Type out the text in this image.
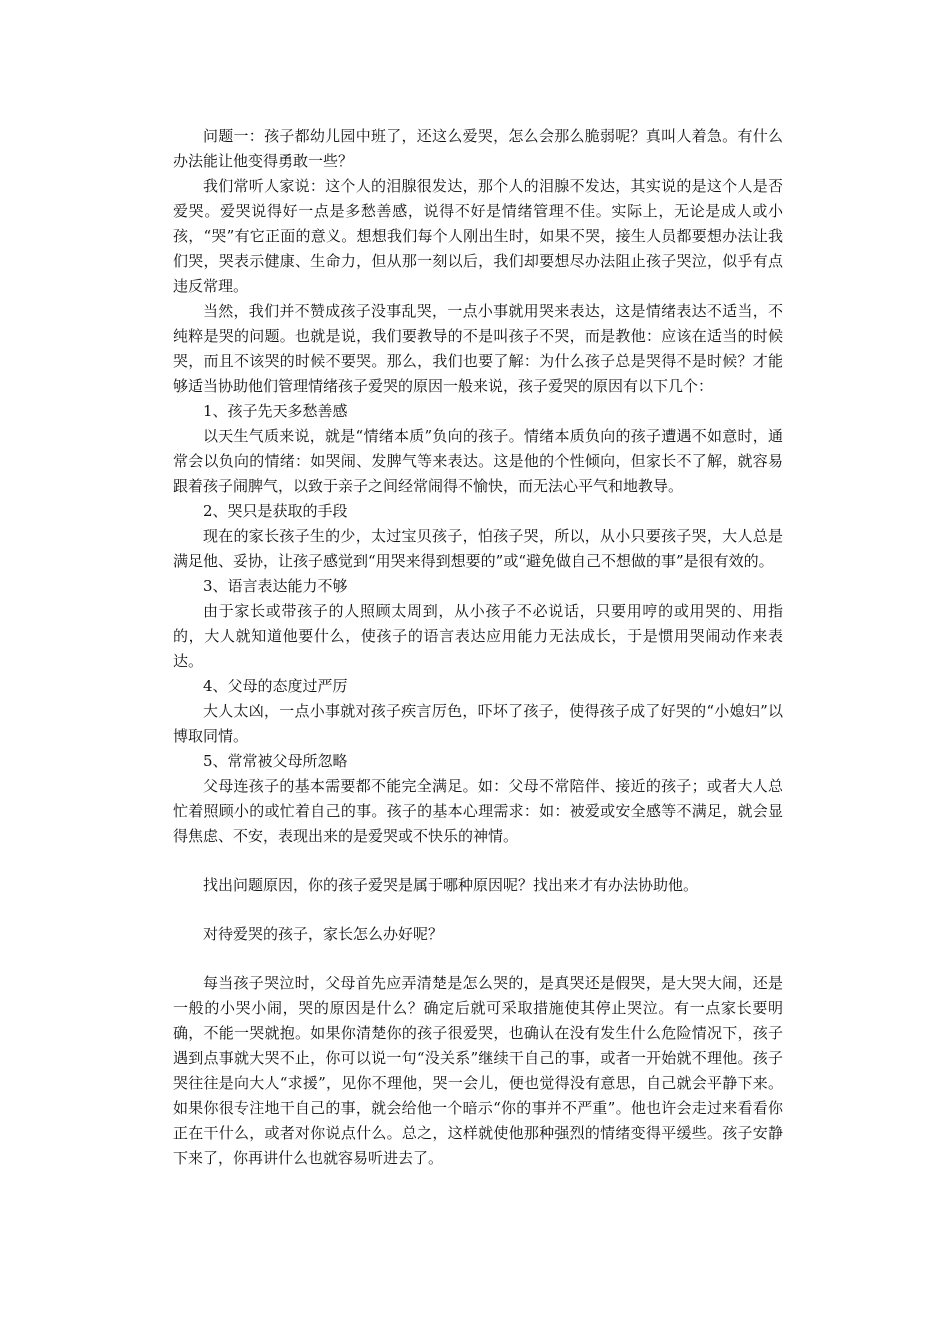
问题一：孩子都幼儿园中班了，还这么爱哭，怎么会那么脆弱呢？真叫人着急。有什么办法能让他变得勇敢一些？

我们常听人家说：这个人的泪腺很发达，那个人的泪腺不发达，其实说的是这个人是否爱哭。爱哭说得好一点是多愁善感，说得不好是情绪管理不佳。实际上，无论是成人或小孩，“哭”有它正面的意义。想想我们每个人刚出生时，如果不哭，接生人员都要想办法让我们哭，哭表示健康、生命力，但从那一刻以后，我们却要想尽办法阻止孩子哭泣，似乎有点违反常理。

当然，我们并不赞成孩子没事乱哭，一点小事就用哭来表达，这是情绪表达不适当，不纯粹是哭的问题。也就是说，我们要教导的不是叫孩子不哭，而是教他：应该在适当的时候哭，而且不该哭的时候不要哭。那么，我们也要了解：为什么孩子总是哭得不是时候？才能够适当协助他们管理情绪孩子爱哭的原因一般来说，孩子爱哭的原因有以下几个：

1、孩子先天多愁善感

以天生气质来说，就是“情绪本质”负向的孩子。情绪本质负向的孩子遭遇不如意时，通常会以负向的情绪：如哭闹、发脾气等来表达。这是他的个性倾向，但家长不了解，就容易跟着孩子闹脾气，以致于亲子之间经常闹得不愉快，而无法心平气和地教导。

2、哭只是获取的手段

现在的家长孩子生的少，太过宝贝孩子，怕孩子哭，所以，从小只要孩子哭，大人总是满足他、妥协，让孩子感觉到“用哭来得到想要的”或“避免做自己不想做的事”是很有效的。

3、语言表达能力不够

由于家长或带孩子的人照顾太周到，从小孩子不必说话，只要用哼的或用哭的、用指的，大人就知道他要什么，使孩子的语言表达应用能力无法成长，于是惯用哭闹动作来表达。

4、父母的态度过严厉

大人太凶，一点小事就对孩子疾言厉色，吓坏了孩子，使得孩子成了好哭的“小媳妇”以博取同情。

5、常常被父母所忽略

父母连孩子的基本需要都不能完全满足。如：父母不常陪伴、接近的孩子；或者大人总忙着照顾小的或忙着自己的事。孩子的基本心理需求：如：被爱或安全感等不满足，就会显得焦虑、不安，表现出来的是爱哭或不快乐的神情。

找出问题原因，你的孩子爱哭是属于哪种原因呢？找出来才有办法协助他。

对待爱哭的孩子，家长怎么办好呢？

每当孩子哭泣时，父母首先应弄清楚是怎么哭的，是真哭还是假哭，是大哭大闹，还是一般的小哭小闹，哭的原因是什么？确定后就可采取措施使其停止哭泣。有一点家长要明确，不能一哭就抱。如果你清楚你的孩子很爱哭，也确认在没有发生什么危险情况下，孩子遇到点事就大哭不止，你可以说一句“没关系”继续干自己的事，或者一开始就不理他。孩子哭往往是向大人“求援”，见你不理他，哭一会儿，便也觉得没有意思，自己就会平静下来。如果你很专注地干自己的事，就会给他一个暗示“你的事并不严重”。他也许会走过来看看你正在干什么，或者对你说点什么。总之，这样就使他那种强烈的情绪变得平缓些。孩子安静下来了，你再讲什么也就容易听进去了。
